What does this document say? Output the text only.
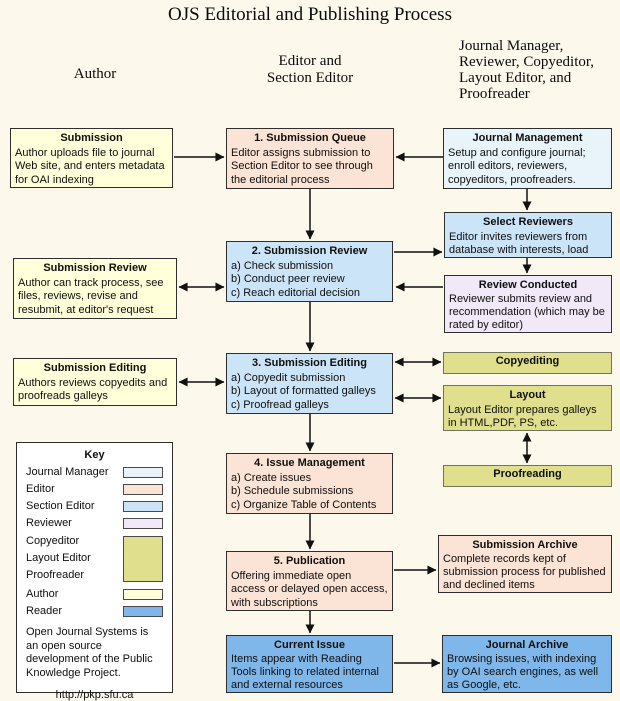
OJS Editorial and Publishing Process
Author
Editor and
Section Editor
Journal Manager,
Reviewer, Copyeditor,
Layout Editor, and
Proofreader
Submission
Author uploads file to journal Web site, and enters metadata for OAI indexing
1. Submission Queue
Editor assigns submission to Section Editor to see through the editorial process
Journal Management
Setup and configure journal; enroll editors, reviewers, copyeditors, proofreaders.
Select Reviewers
Editor invites reviewers from database with interests, load
2. Submission Review
a) Check submission
b) Conduct peer review
c) Reach editorial decision
Review Conducted
Reviewer submits review and recommendation (which may be rated by editor)
Submission Review
Author can track process, see files, reviews, revise and resubmit, at editor's request
3. Submission Editing
a) Copyedit submission
b) Layout of formatted galleys
c) Proofread galleys
Submission Editing
Authors reviews copyedits and proofreads galleys
Copyediting
Layout
Layout Editor prepares galleys in HTML,PDF, PS, etc.
Proofreading
4. Issue Management
a) Create issues
b) Schedule submissions
c) Organize Table of Contents
5. Publication
Offering immediate open access or delayed open access, with subscriptions
Submission Archive
Complete records kept of submission process for published and declined items
Current Issue
Items appear with Reading Tools linking to related internal and external resources
Journal Archive
Browsing issues, with indexing by OAI search engines, as well as Google, etc.
Key
Journal Manager
Editor
Section Editor
Reviewer
Copyeditor
Layout Editor
Proofreader
Author
Reader

Open Journal Systems is an open source development of the Public Knowledge Project.

http://pkp.sfu.ca
